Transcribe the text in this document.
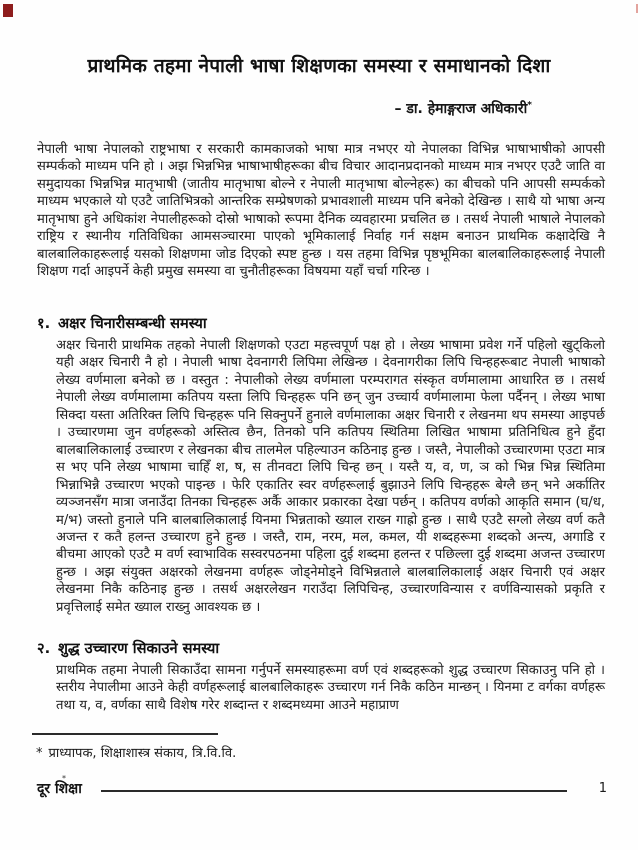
प्राथमिक तहमा नेपाली भाषा शिक्षणका समस्या र समाधानको दिशा
– डा. हेमाङ्गराज अधिकारी*
नेपाली भाषा नेपालको राष्ट्रभाषा र सरकारी कामकाजको भाषा मात्र नभएर यो नेपालका विभिन्न भाषाभाषीको आपसी सम्पर्कको माध्यम पनि हो । अझ भिन्नभिन्न भाषाभाषीहरूका बीच विचार आदानप्रदानको माध्यम मात्र नभएर एउटै जाति वा समुदायका भिन्नभिन्न मातृभाषी (जातीय मातृभाषा बोल्ने र नेपाली मातृभाषा बोल्नेहरू) का बीचको पनि आपसी सम्पर्कको माध्यम भएकाले यो एउटै जातिभित्रको आन्तरिक सम्प्रेषणको प्रभावशाली माध्यम पनि बनेको देखिन्छ । साथै यो भाषा अन्य मातृभाषा हुने अधिकांश नेपालीहरूको दोस्रो भाषाको रूपमा दैनिक व्यवहारमा प्रचलित छ । तसर्थ नेपाली भाषाले नेपालको राष्ट्रिय र स्थानीय गतिविधिका आमसञ्चारमा पाएको भूमिकालाई निर्वाह गर्न सक्षम बनाउन प्राथमिक कक्षादेखि नै बालबालिकाहरूलाई यसको शिक्षणमा जोड दिएको स्पष्ट हुन्छ । यस तहमा विभिन्न पृष्ठभूमिका बालबालिकाहरूलाई नेपाली शिक्षण गर्दा आइपर्ने केही प्रमुख समस्या वा चुनौतीहरूका विषयमा यहाँ चर्चा गरिन्छ ।
१. अक्षर चिनारीसम्बन्धी समस्या
अक्षर चिनारी प्राथमिक तहको नेपाली शिक्षणको एउटा महत्त्वपूर्ण पक्ष हो । लेख्य भाषामा प्रवेश गर्ने पहिलो खुट्किलो यही अक्षर चिनारी नै हो । नेपाली भाषा देवनागरी लिपिमा लेखिन्छ । देवनागरीका लिपि चिन्हहरूबाट नेपाली भाषाको लेख्य वर्णमाला बनेको छ । वस्तुत : नेपालीको लेख्य वर्णमाला परम्परागत संस्कृत वर्णमालामा आधारित छ । तसर्थ नेपाली लेख्य वर्णमालामा कतिपय यस्ता लिपि चिन्हहरू पनि छन् जुन उच्चार्य वर्णमालामा फेला पर्दैनन् । लेख्य भाषा सिक्दा यस्ता अतिरिक्त लिपि चिन्हहरू पनि सिक्नुपर्ने हुनाले वर्णमालाका अक्षर चिनारी र लेखनमा थप समस्या आइपर्छ । उच्चारणमा जुन वर्णहरूको अस्तित्व छैन, तिनको पनि कतिपय स्थितिमा लिखित भाषामा प्रतिनिधित्व हुने हुँदा बालबालिकालाई उच्चारण र लेखनका बीच तालमेल पहिल्याउन कठिनाइ हुन्छ । जस्तै, नेपालीको उच्चारणमा एउटा मात्र स भए पनि लेख्य भाषामा चाहिँ श, ष, स तीनवटा लिपि चिन्ह छन् । यस्तै य, व, ण, ञ को भिन्न भिन्न स्थितिमा भिन्नाभिन्नै उच्चारण भएको पाइन्छ । फेरि एकातिर स्वर वर्णहरूलाई बुझाउने लिपि चिन्हहरू बेग्लै छन् भने अर्कातिर व्यञ्जनसँग मात्रा जनाउँदा तिनका चिन्हहरू अर्कै आकार प्रकारका देखा पर्छन् । कतिपय वर्णको आकृति समान (घ/ध, म/भ) जस्तो हुनाले पनि बालबालिकालाई यिनमा भिन्नताको ख्याल राख्न गाह्रो हुन्छ । साथै एउटै सग्लो लेख्य वर्ण कतै अजन्त र कतै हलन्त उच्चारण हुने हुन्छ । जस्तै, राम, नरम, मल, कमल, यी शब्दहरूमा शब्दको अन्त्य, अगाडि र बीचमा आएको एउटै म वर्ण स्वाभाविक सस्वरपठनमा पहिला दुई शब्दमा हलन्त र पछिल्ला दुई शब्दमा अजन्त उच्चारण हुन्छ । अझ संयुक्त अक्षरको लेखनमा वर्णहरू जोड्नेमोड्ने विभिन्नताले बालबालिकालाई अक्षर चिनारी एवं अक्षर लेखनमा निकै कठिनाइ हुन्छ । तसर्थ अक्षरलेखन गराउँदा लिपिचिन्ह, उच्चारणविन्यास र वर्णविन्यासको प्रकृति र प्रवृत्तिलाई समेत ख्याल राख्नु आवश्यक छ ।
२. शुद्ध उच्चारण सिकाउने समस्या
प्राथमिक तहमा नेपाली सिकाउँदा सामना गर्नुपर्ने समस्याहरूमा वर्ण एवं शब्दहरूको शुद्ध उच्चारण सिकाउनु पनि हो । स्तरीय नेपालीमा आउने केही वर्णहरूलाई बालबालिकाहरू उच्चारण गर्न निकै कठिन मान्छन् । यिनमा ट वर्गका वर्णहरू तथा य, व, वर्णका साथै विशेष गरेर शब्दान्त र शब्दमध्यमा आउने महाप्राण
* प्राध्यापक, शिक्षाशास्त्र संकाय, त्रि.वि.वि.
दूर शिक्षा
*
1
